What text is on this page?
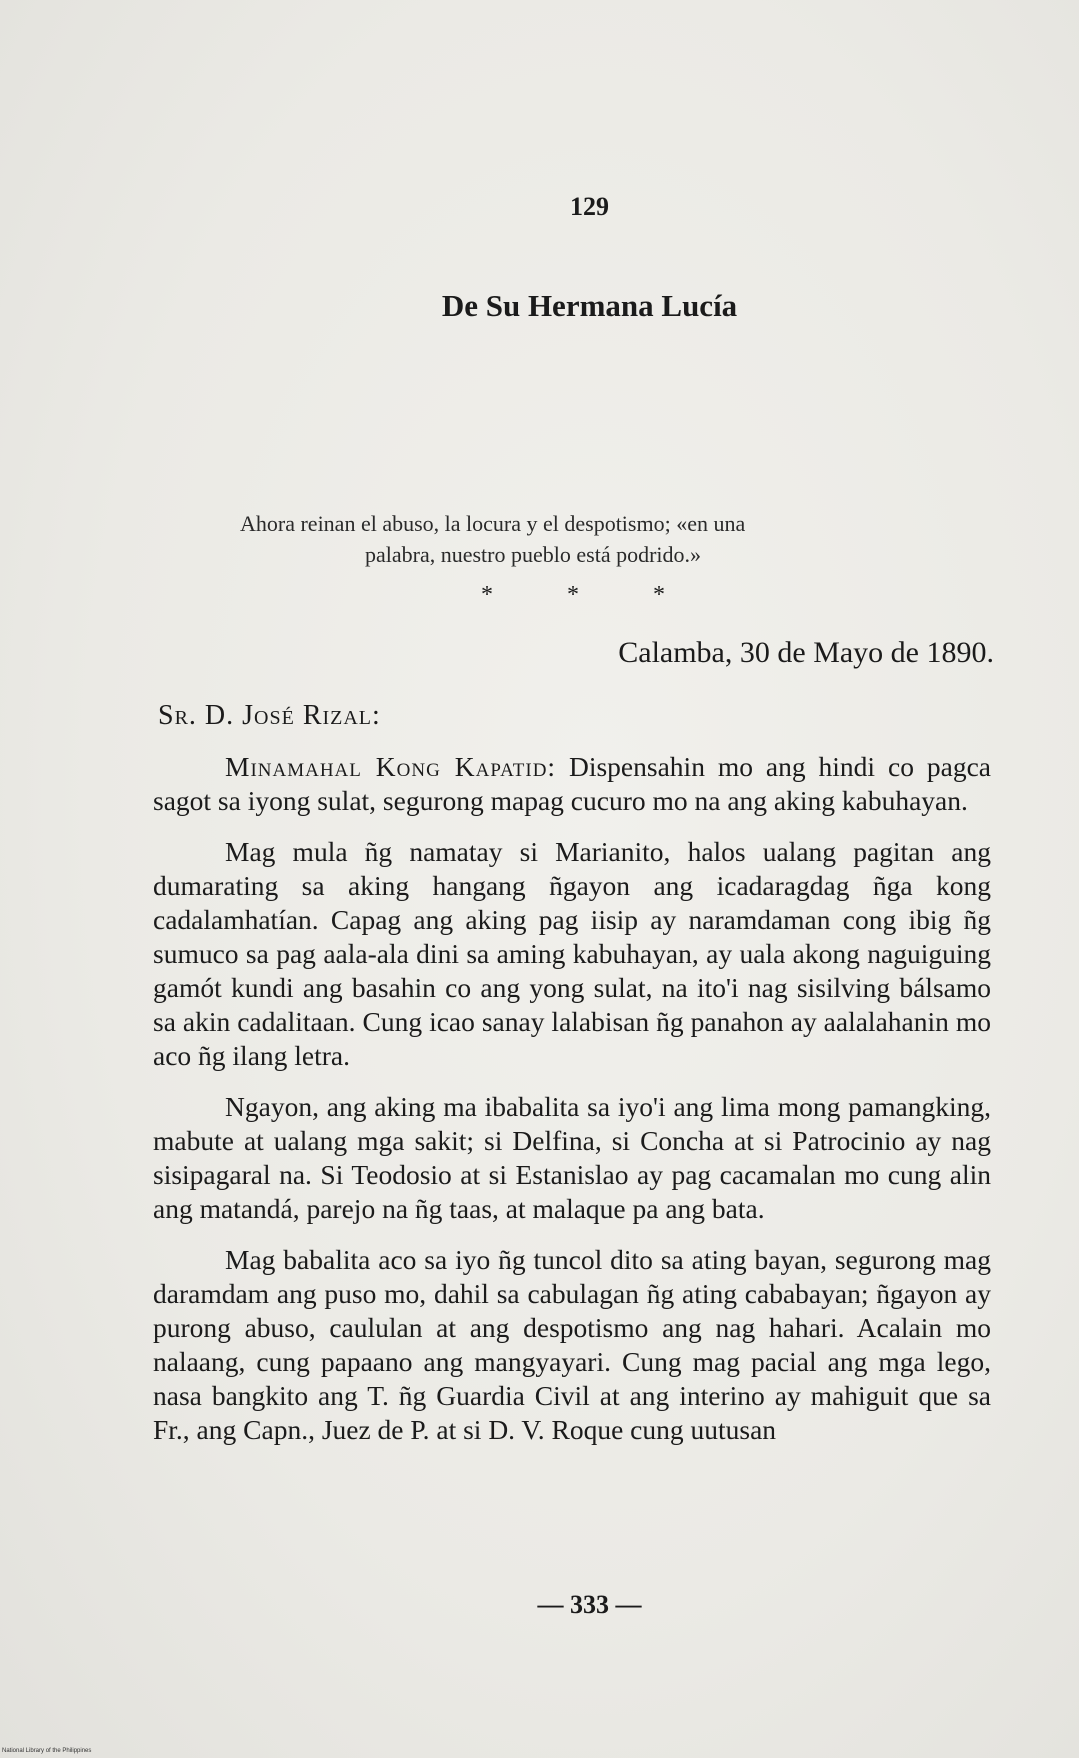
129
De Su Hermana Lucía
Ahora reinan el abuso, la locura y el despotismo; «en una
palabra, nuestro pueblo está podrido.»
* * *
Calamba, 30 de Mayo de 1890.
Sr. D. José Rizal:

Minamahal Kong Kapatid: Dispensahin mo ang hindi co pagca sagot sa iyong sulat, segurong mapag cucuro mo na ang aking kabuhayan.

Mag mula ñg namatay si Marianito, halos ualang pagitan ang dumarating sa aking hangang ñgayon ang icadaragdag ñga kong cadalamhatían. Capag ang aking pag iisip ay naramdaman cong ibig ñg sumuco sa pag aala-ala dini sa aming kabuhayan, ay uala akong naguiguing gamót kundi ang basahin co ang yong sulat, na ito'i nag sisilving bálsamo sa akin cadalitaan. Cung icao sanay lalabisan ñg panahon ay aalalahanin mo aco ñg ilang letra.

Ngayon, ang aking ma ibabalita sa iyo'i ang lima mong pamangking, mabute at ualang mga sakit; si Delfina, si Concha at si Patrocinio ay nag sisipagaral na. Si Teodosio at si Estanislao ay pag cacamalan mo cung alin ang matandá, parejo na ñg taas, at malaque pa ang bata.

Mag babalita aco sa iyo ñg tuncol dito sa ating bayan, segurong mag daramdam ang puso mo, dahil sa cabulagan ñg ating cababayan; ñgayon ay purong abuso, caululan at ang despotismo ang nag hahari. Acalain mo nalaang, cung papaano ang mangyayari. Cung mag pacial ang mga lego, nasa bangkito ang T. ñg Guardia Civil at ang interino ay mahiguit que sa Fr., ang Capn., Juez de P. at si D. V. Roque cung uutusan

— 333 —
National Library of the Philippines
